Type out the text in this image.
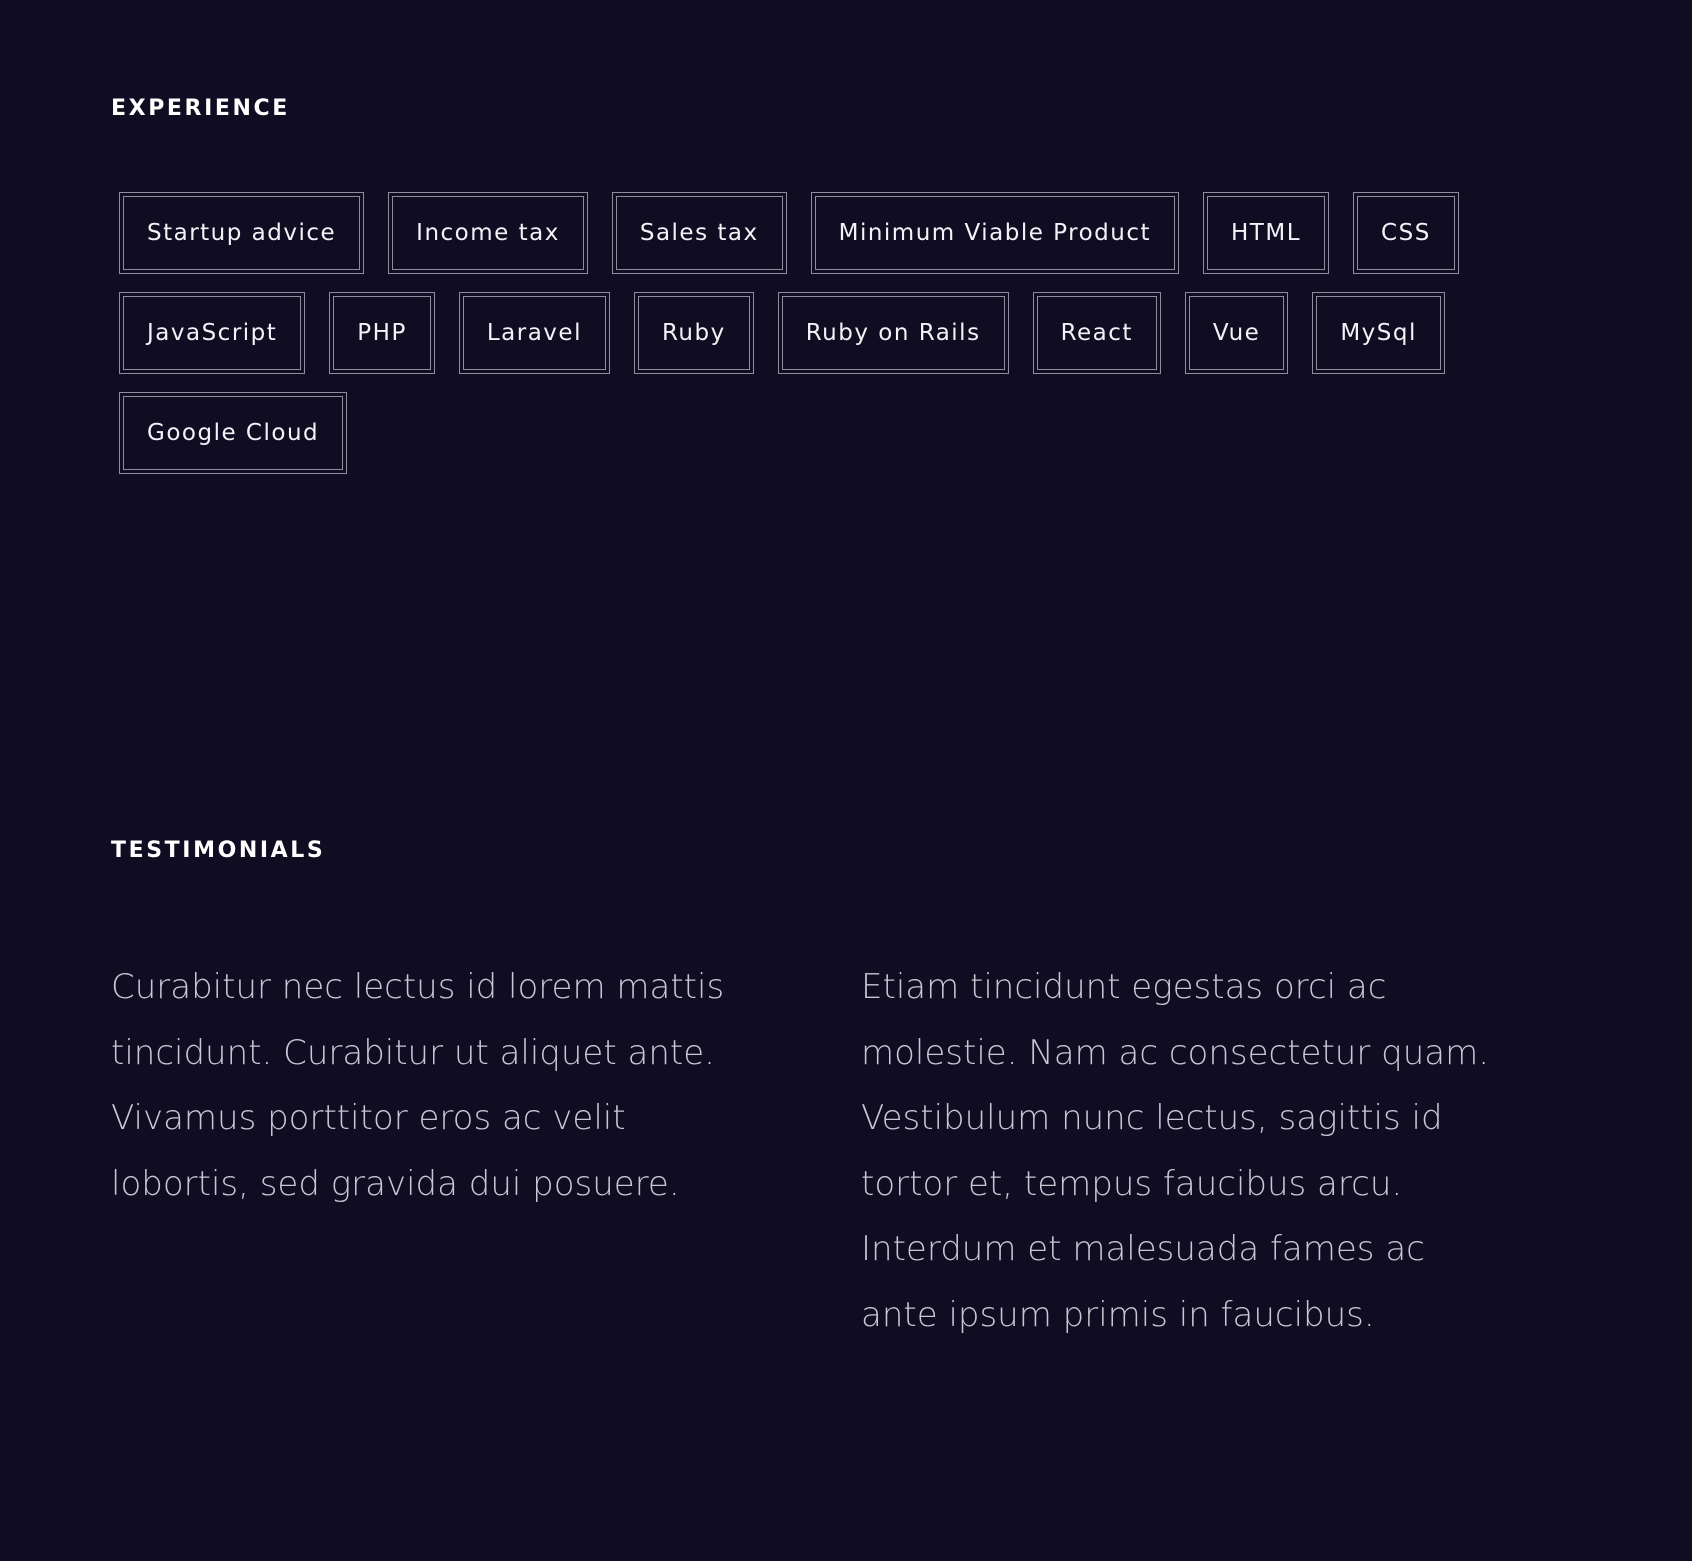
EXPERIENCE
Startup advice	Income tax	Sales tax	Minimum Viable Product	HTML	CSS
JavaScript	PHP	Laravel	Ruby	Ruby on Rails	React	Vue	MySql
Google Cloud
TESTIMONIALS

Curabitur nec lectus id lorem mattis tincidunt. Curabitur ut aliquet ante. Vivamus porttitor eros ac velit lobortis, sed gravida dui posuere.

Etiam tincidunt egestas orci ac molestie. Nam ac consectetur quam. Vestibulum nunc lectus, sagittis id tortor et, tempus faucibus arcu. Interdum et malesuada fames ac ante ipsum primis in faucibus.
